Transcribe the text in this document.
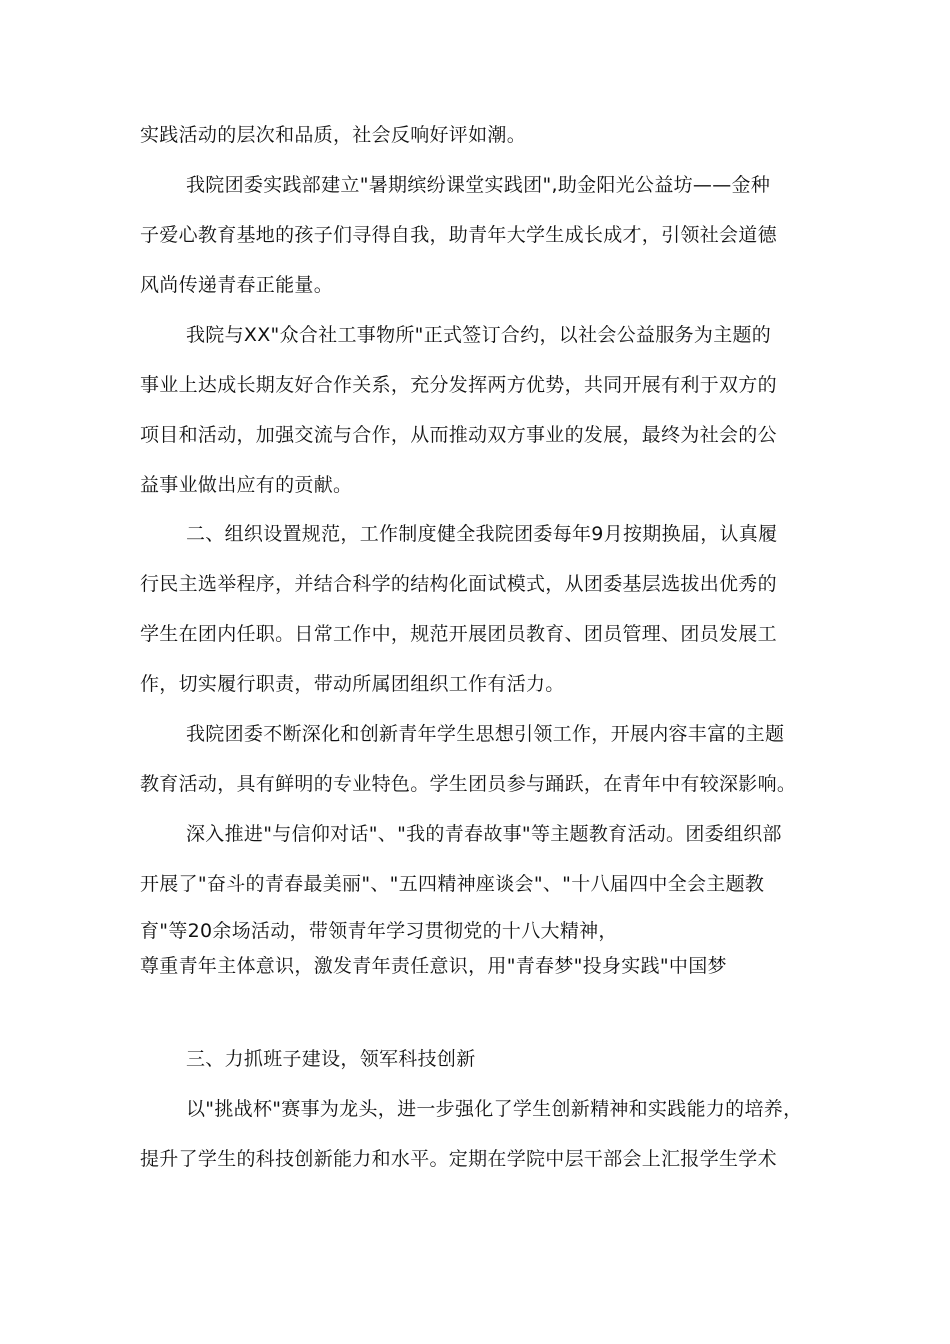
实践活动的层次和品质，社会反响好评如潮。
我院团委实践部建立"暑期缤纷课堂实践团",助金阳光公益坊——金种
子爱心教育基地的孩子们寻得自我，助青年大学生成长成才，引领社会道德
风尚传递青春正能量。
我院与XX"众合社工事物所"正式签订合约，以社会公益服务为主题的
事业上达成长期友好合作关系，充分发挥两方优势，共同开展有利于双方的
项目和活动，加强交流与合作，从而推动双方事业的发展，最终为社会的公
益事业做出应有的贡献。
二、组织设置规范，工作制度健全我院团委每年9月按期换届，认真履
行民主选举程序，并结合科学的结构化面试模式，从团委基层选拔出优秀的
学生在团内任职。日常工作中，规范开展团员教育、团员管理、团员发展工
作，切实履行职责，带动所属团组织工作有活力。
我院团委不断深化和创新青年学生思想引领工作，开展内容丰富的主题
教育活动，具有鲜明的专业特色。学生团员参与踊跃，在青年中有较深影响。
深入推进"与信仰对话"、"我的青春故事"等主题教育活动。团委组织部
开展了"奋斗的青春最美丽"、"五四精神座谈会"、"十八届四中全会主题教
育"等20余场活动，带领青年学习贯彻党的十八大精神，
尊重青年主体意识，激发青年责任意识，用"青春梦"投身实践"中国梦
三、力抓班子建设，领军科技创新
以"挑战杯"赛事为龙头，进一步强化了学生创新精神和实践能力的培养，
提升了学生的科技创新能力和水平。定期在学院中层干部会上汇报学生学术
